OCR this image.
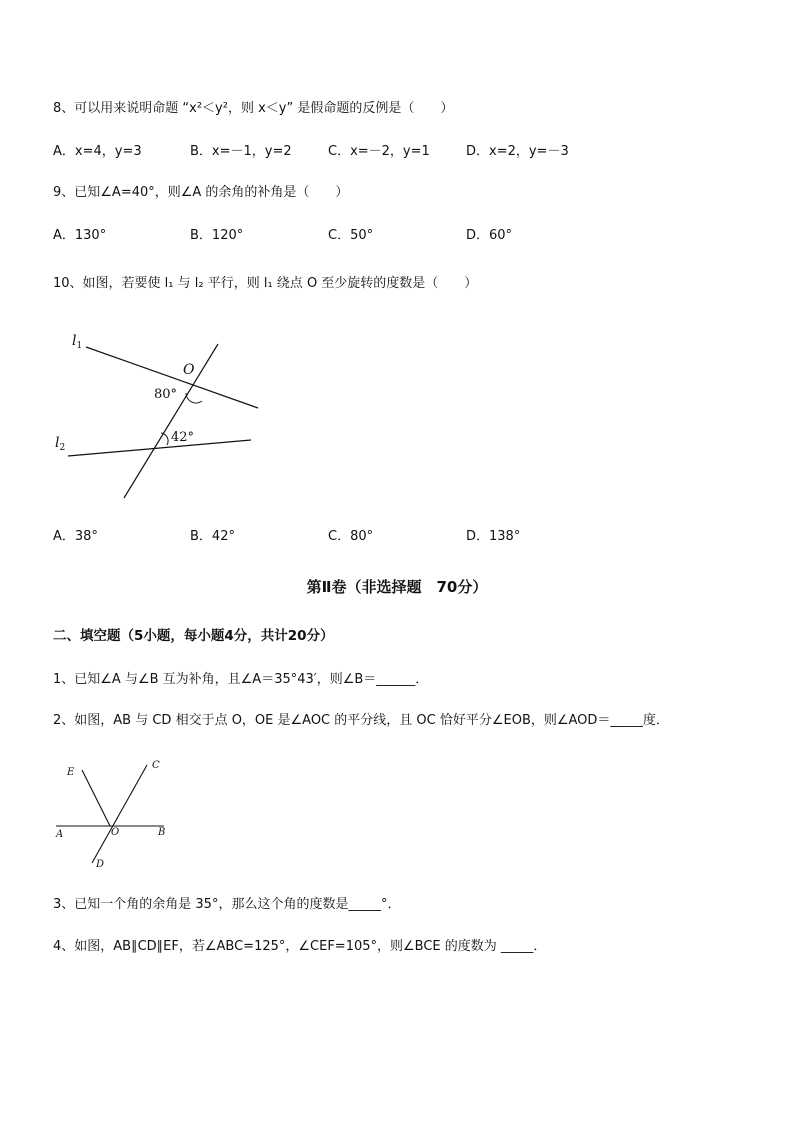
8、可以用来说明命题 “x²＜y²，则 x＜y” 是假命题的反例是（　　）
A．x=4，y=3	B．x=－1，y=2	C．x=－2，y=1	D．x=2，y=－3
9、已知∠A=40°，则∠A 的余角的补角是（　　）
A．130°	B．120°	C．50°	D．60°
10、如图，若要使 l₁ 与 l₂ 平行，则 l₁ 绕点 O 至少旋转的度数是（　　）
$l_1$
$l_2$
O
80°
42°
A．38°	B．42°	C．80°	D．138°
第Ⅱ卷（非选择题　70分）
二、填空题（5小题，每小题4分，共计20分）
1、已知∠A 与∠B 互为补角，且∠A＝35°43′，则∠B＝______．
2、如图，AB 与 CD 相交于点 O，OE 是∠AOC 的平分线，且 OC 恰好平分∠EOB，则∠AOD＝_____度．
E
C
A	O	B
D
3、已知一个角的余角是 35°，那么这个角的度数是_____°．
4、如图，AB∥CD∥EF，若∠ABC=125°，∠CEF=105°，则∠BCE 的度数为 _____．
